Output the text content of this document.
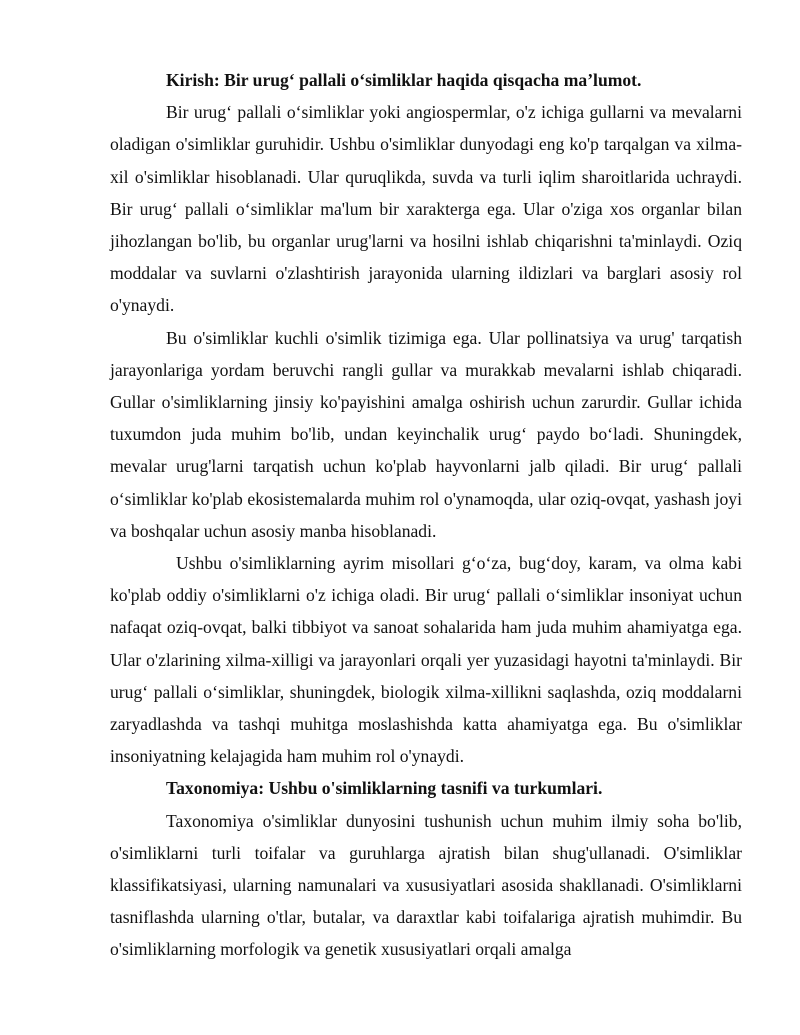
Kirish: Bir urug‘ pallali o‘simliklar haqida qisqacha ma’lumot.

Bir urug‘ pallali o‘simliklar yoki angiospermlar, o'z ichiga gullarni va mevalarni oladigan o'simliklar guruhidir. Ushbu o'simliklar dunyodagi eng ko'p tarqalgan va xilma-xil o'simliklar hisoblanadi. Ular quruqlikda, suvda va turli iqlim sharoitlarida uchraydi. Bir urug‘ pallali o‘simliklar ma'lum bir xarakterga ega. Ular o'ziga xos organlar bilan jihozlangan bo'lib, bu organlar urug'larni va hosilni ishlab chiqarishni ta'minlaydi. Oziq moddalar va suvlarni o'zlashtirish jarayonida ularning ildizlari va barglari asosiy rol o'ynaydi.

Bu o'simliklar kuchli o'simlik tizimiga ega. Ular pollinatsiya va urug' tarqatish jarayonlariga yordam beruvchi rangli gullar va murakkab mevalarni ishlab chiqaradi. Gullar o'simliklarning jinsiy ko'payishini amalga oshirish uchun zarurdir. Gullar ichida tuxumdon juda muhim bo'lib, undan keyinchalik urug‘ paydo bo‘ladi. Shuningdek, mevalar urug'larni tarqatish uchun ko'plab hayvonlarni jalb qiladi. Bir urug‘ pallali o‘simliklar ko'plab ekosistemalarda muhim rol o'ynamoqda, ular oziq-ovqat, yashash joyi va boshqalar uchun asosiy manba hisoblanadi.

Ushbu o'simliklarning ayrim misollari g‘o‘za, bug‘doy, karam, va olma kabi ko'plab oddiy o'simliklarni o'z ichiga oladi. Bir urug‘ pallali o‘simliklar insoniyat uchun nafaqat oziq-ovqat, balki tibbiyot va sanoat sohalarida ham juda muhim ahamiyatga ega. Ular o'zlarining xilma-xilligi va jarayonlari orqali yer yuzasidagi hayotni ta'minlaydi. Bir urug‘ pallali o‘simliklar, shuningdek, biologik xilma-xillikni saqlashda, oziq moddalarni zaryadlashda va tashqi muhitga moslashishda katta ahamiyatga ega. Bu o'simliklar insoniyatning kelajagida ham muhim rol o'ynaydi.

Taxonomiya: Ushbu o'simliklarning tasnifi va turkumlari.

Taxonomiya o'simliklar dunyosini tushunish uchun muhim ilmiy soha bo'lib, o'simliklarni turli toifalar va guruhlarga ajratish bilan shug'ullanadi. O'simliklar klassifikatsiyasi, ularning namunalari va xususiyatlari asosida shakllanadi. O'simliklarni tasniflashda ularning o'tlar, butalar, va daraxtlar kabi toifalariga ajratish muhimdir. Bu o'simliklarning morfologik va genetik xususiyatlari orqali amalga
